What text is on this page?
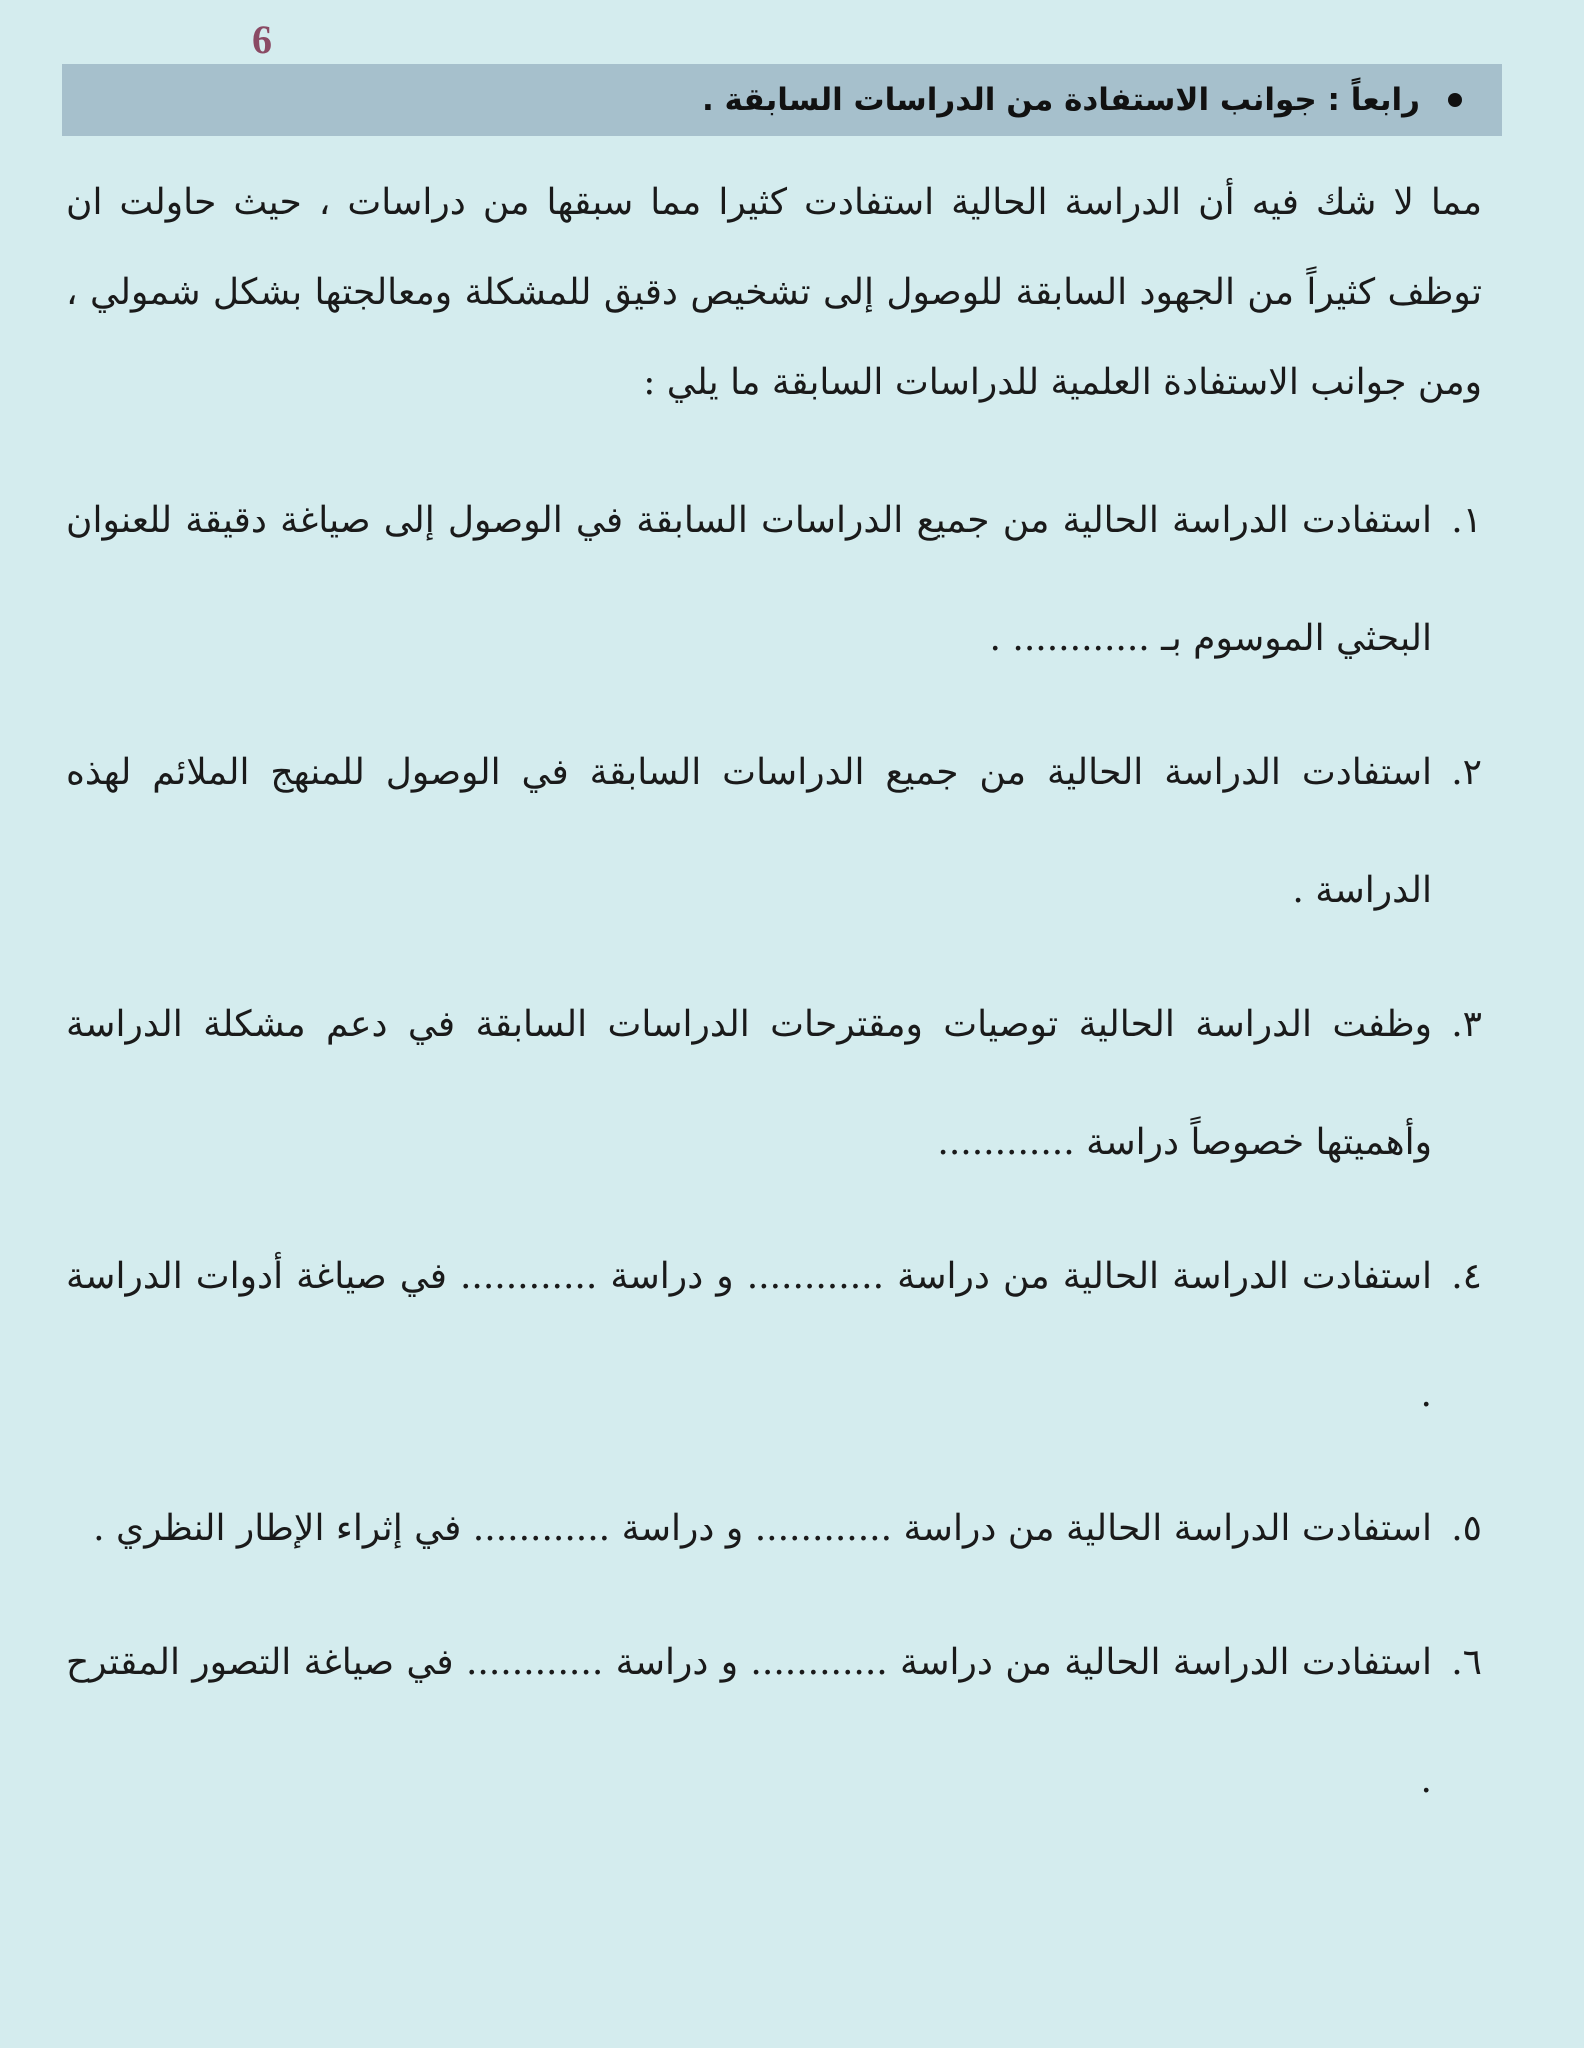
6
رابعاً : جوانب الاستفادة من الدراسات السابقة .

مما لا شك فيه أن الدراسة الحالية استفادت كثيرا مما سبقها من دراسات ، حيث حاولت ان توظف كثيراً من الجهود السابقة للوصول إلى تشخيص دقيق للمشكلة ومعالجتها بشكل شمولي ، ومن جوانب الاستفادة العلمية للدراسات السابقة ما يلي :

١.
استفادت الدراسة الحالية من جميع الدراسات السابقة في الوصول إلى صياغة دقيقة للعنوان البحثي الموسوم بـ ............ .
٢.
استفادت الدراسة الحالية من جميع الدراسات السابقة في الوصول للمنهج الملائم لهذه الدراسة .
٣.
وظفت الدراسة الحالية توصيات ومقترحات الدراسات السابقة في دعم مشكلة الدراسة وأهميتها خصوصاً دراسة ............
٤.
استفادت الدراسة الحالية من دراسة ............ و دراسة ............ في صياغة أدوات الدراسة .
٥.
استفادت الدراسة الحالية من دراسة ............ و دراسة ............ في إثراء الإطار النظري .
٦.
استفادت الدراسة الحالية من دراسة ............ و دراسة ............ في صياغة التصور المقترح .
